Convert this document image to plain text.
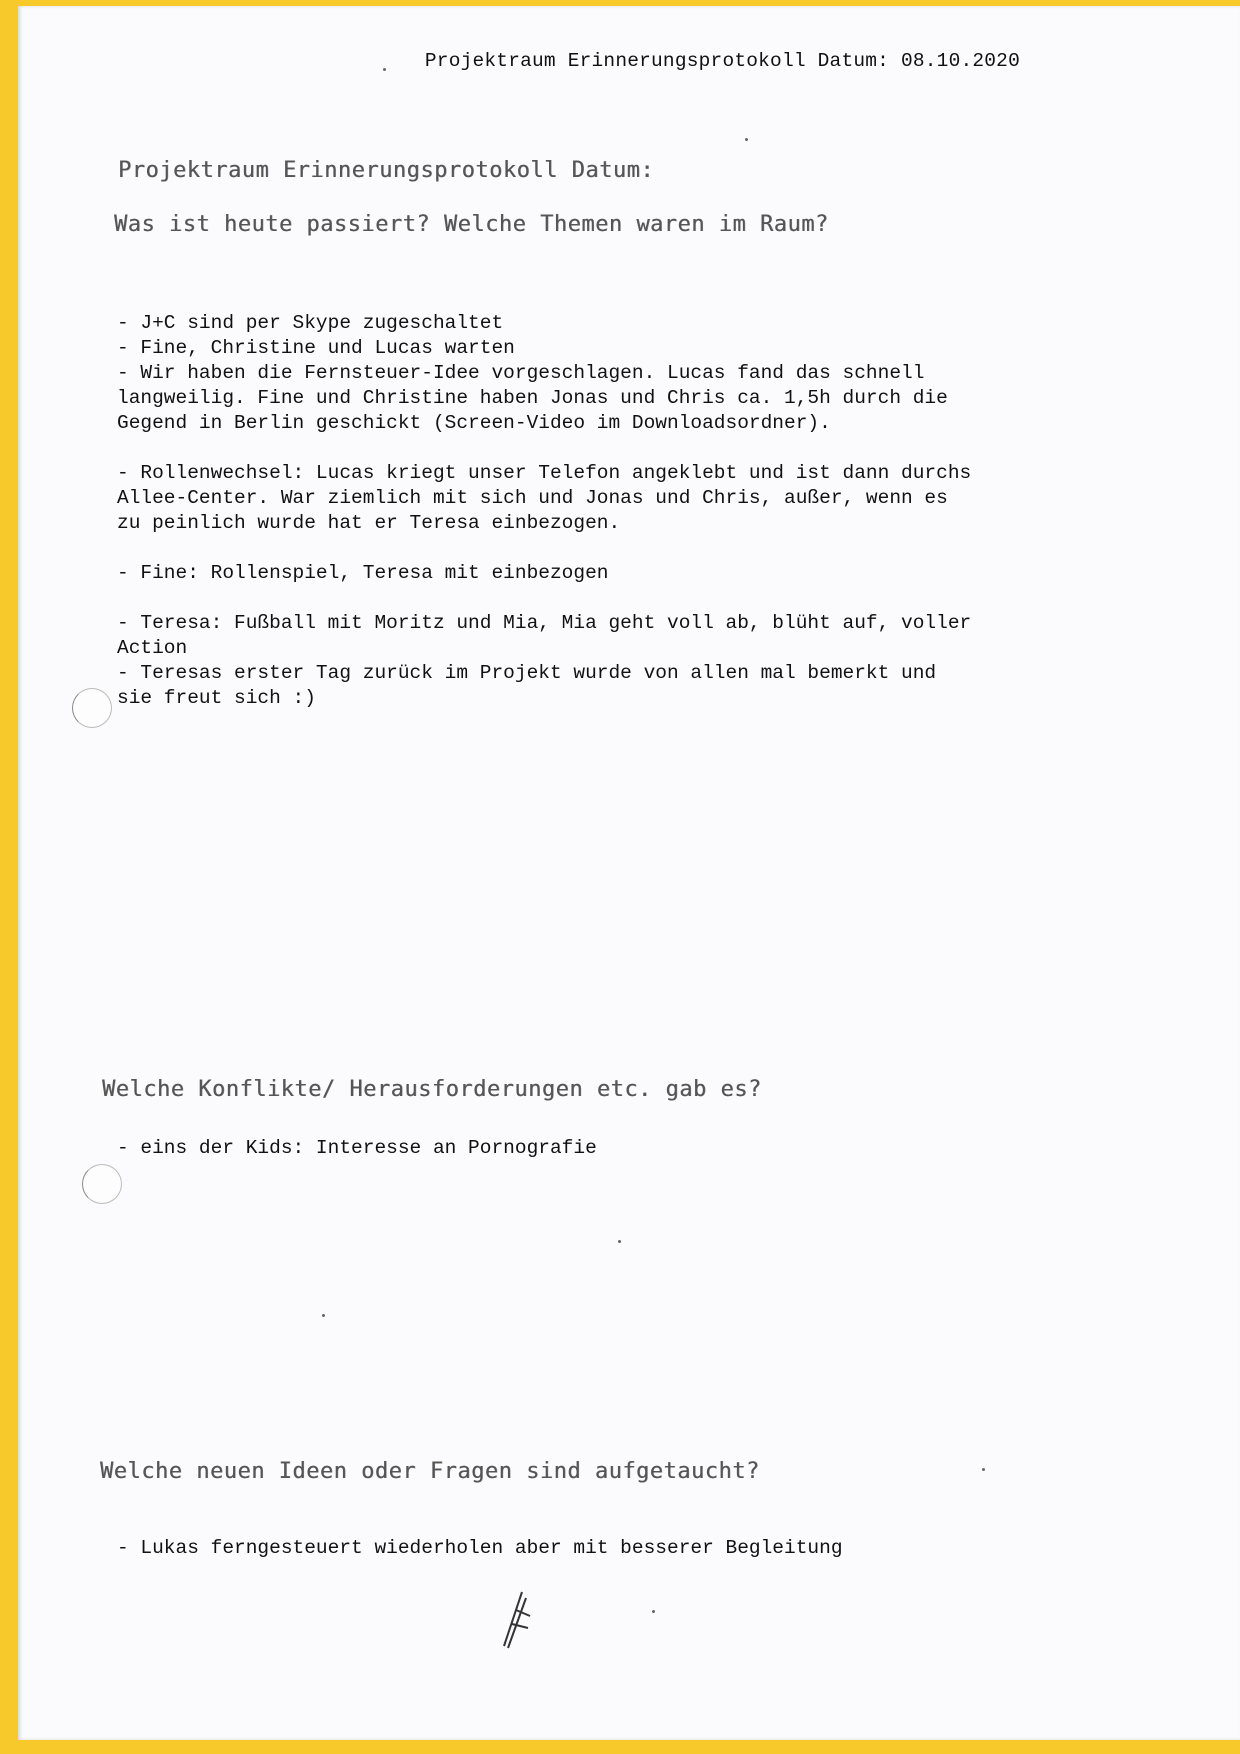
Projektraum Erinnerungsprotokoll Datum: 08.10.2020
Projektraum Erinnerungsprotokoll Datum:
Was ist heute passiert? Welche Themen waren im Raum?
- J+C sind per Skype zugeschaltet
- Fine, Christine und Lucas warten
- Wir haben die Fernsteuer-Idee vorgeschlagen. Lucas fand das schnell
langweilig. Fine und Christine haben Jonas und Chris ca. 1,5h durch die
Gegend in Berlin geschickt (Screen-Video im Downloadsordner).
- Rollenwechsel: Lucas kriegt unser Telefon angeklebt und ist dann durchs
Allee-Center. War ziemlich mit sich und Jonas und Chris, außer, wenn es
zu peinlich wurde hat er Teresa einbezogen.
- Fine: Rollenspiel, Teresa mit einbezogen
- Teresa: Fußball mit Moritz und Mia, Mia geht voll ab, blüht auf, voller
Action
- Teresas erster Tag zurück im Projekt wurde von allen mal bemerkt und
sie freut sich :)
Welche Konflikte/ Herausforderungen etc. gab es?
- eins der Kids: Interesse an Pornografie
Welche neuen Ideen oder Fragen sind aufgetaucht?
- Lukas ferngesteuert wiederholen aber mit besserer Begleitung
